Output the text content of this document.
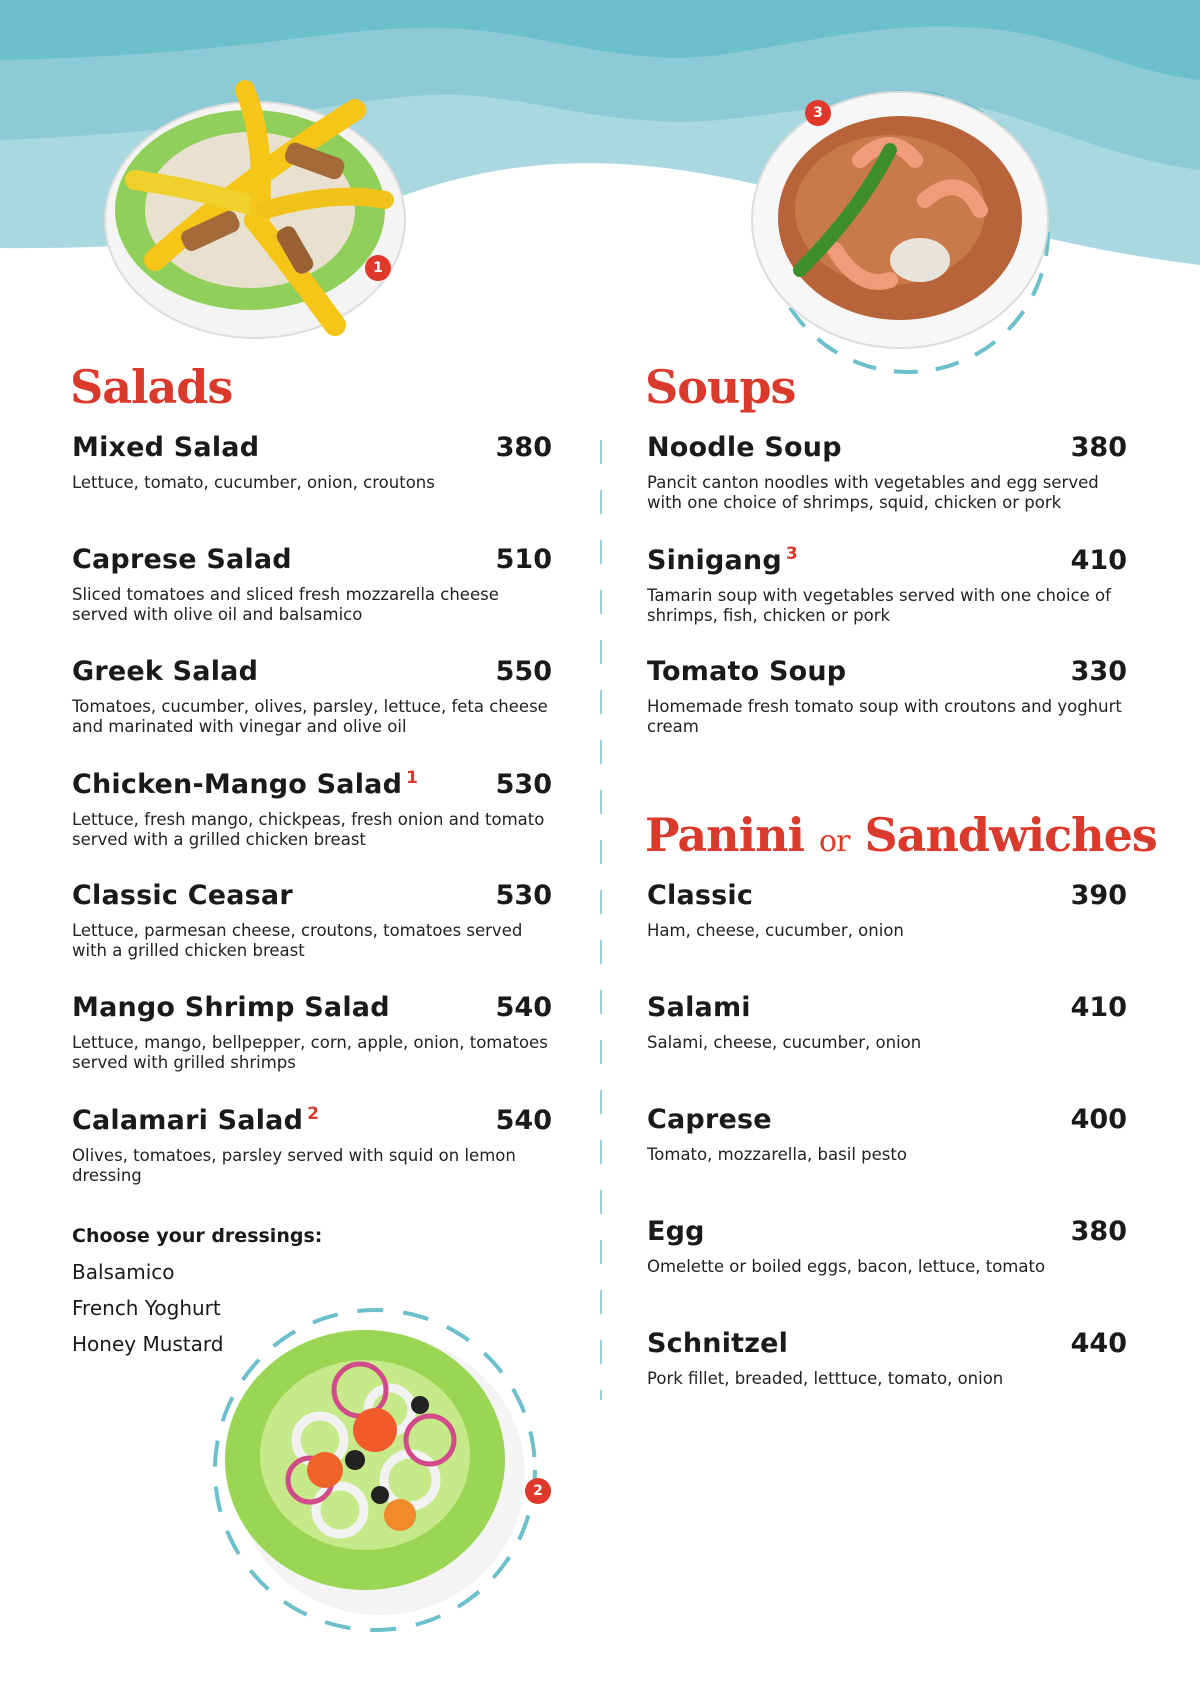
1
3
2
Salads	Soups
Panini or Sandwiches
Mixed Salad	380
Lettuce, tomato, cucumber, onion, croutons
Caprese Salad	510
Sliced tomatoes and sliced fresh mozzarella cheese served with olive oil and balsamico
Greek Salad	550
Tomatoes, cucumber, olives, parsley, lettuce, feta cheese and marinated with vinegar and olive oil
Chicken-Mango Salad $^1$	530
Lettuce, fresh mango, chickpeas, fresh onion and tomato served with a grilled chicken breast
Classic Ceasar	530
Lettuce, parmesan cheese, croutons, tomatoes served with a grilled chicken breast
Mango Shrimp Salad	540
Lettuce, mango, bellpepper, corn, apple, onion, tomatoes served with grilled shrimps
Calamari Salad $^2$	540
Olives, tomatoes, parsley served with squid on lemon dressing
Choose your dressings:
Balsamico
French Yoghurt
Honey Mustard
Noodle Soup	380
Pancit canton noodles with vegetables and egg served with one choice of shrimps, squid, chicken or pork
Sinigang $^3$	410
Tamarin soup with vegetables served with one choice of shrimps, fish, chicken or pork
Tomato Soup	330
Homemade fresh tomato soup with croutons and yoghurt cream
Classic	390
Ham, cheese, cucumber, onion
Salami	410
Salami, cheese, cucumber, onion
Caprese	400
Tomato, mozzarella, basil pesto
Egg	380
Omelette or boiled eggs, bacon, lettuce, tomato
Schnitzel	440
Pork fillet, breaded, letttuce, tomato, onion
